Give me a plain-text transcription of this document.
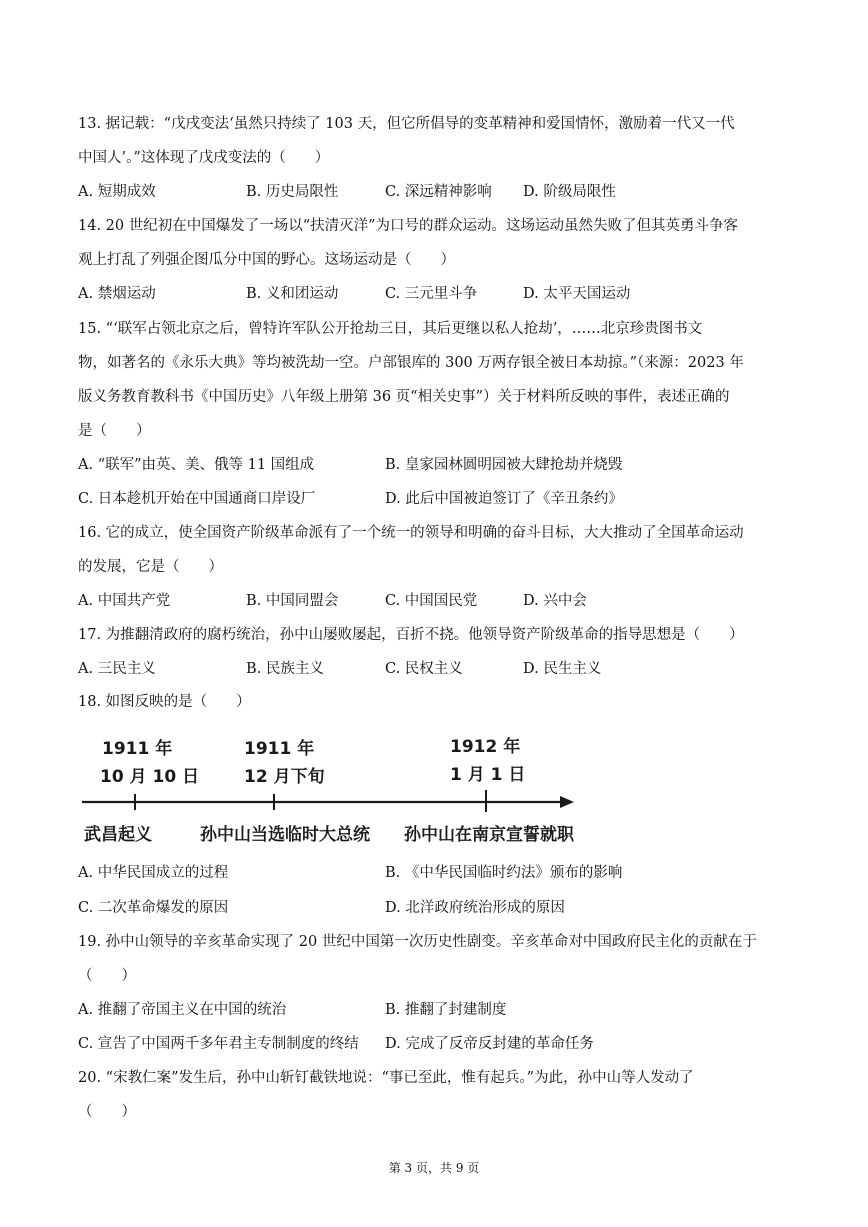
13. 据记载：“戊戌变法‘虽然只持续了 103 天，但它所倡导的变革精神和爱国情怀，激励着一代又一代
中国人’。”这体现了戊戌变法的（　　）
A. 短期成效	B. 历史局限性	C. 深远精神影响 D. 阶级局限性
14. 20 世纪初在中国爆发了一场以“扶清灭洋”为口号的群众运动。这场运动虽然失败了但其英勇斗争客
观上打乱了列强企图瓜分中国的野心。这场运动是（　　）
A. 禁烟运动	B. 义和团运动	C. 三元里斗争	D. 太平天国运动
15. “‘联军占领北京之后，曾特许军队公开抢劫三日，其后更继以私人抢劫’，……北京珍贵图书文
物，如著名的《永乐大典》等均被洗劫一空。户部银库的 300 万两存银全被日本劫掠。”（来源：2023 年
版义务教育教科书《中国历史》八年级上册第 36 页“相关史事”）关于材料所反映的事件，表述正确的
是（　　）
A. “联军”由英、美、俄等 11 国组成	B. 皇家园林圆明园被大肆抢劫并烧毁
C. 日本趁机开始在中国通商口岸设厂	D. 此后中国被迫签订了《辛丑条约》
16. 它的成立，使全国资产阶级革命派有了一个统一的领导和明确的奋斗目标，大大推动了全国革命运动
的发展，它是（　　）
A. 中国共产党	B. 中国同盟会	C. 中国国民党	D. 兴中会
17. 为推翻清政府的腐朽统治，孙中山屡败屡起，百折不挠。他领导资产阶级革命的指导思想是（　　）
A. 三民主义	B. 民族主义	C. 民权主义	D. 民生主义
18. 如图反映的是（　　）
1911 年
10 月 10 日
武昌起义
1911 年
12 月下旬
孙中山当选临时大总统
1912 年
1 月 1 日
孙中山在南京宣誓就职
A. 中华民国成立的过程	B. 《中华民国临时约法》颁布的影响
C. 二次革命爆发的原因	D. 北洋政府统治形成的原因
19. 孙中山领导的辛亥革命实现了 20 世纪中国第一次历史性剧变。辛亥革命对中国政府民主化的贡献在于
（　　）
A. 推翻了帝国主义在中国的统治	B. 推翻了封建制度
C. 宣告了中国两千多年君主专制制度的终结 D. 完成了反帝反封建的革命任务
20. “宋教仁案”发生后，孙中山斩钉截铁地说：“事已至此，惟有起兵。”为此，孙中山等人发动了
（　　）
第 3 页，共 9 页
